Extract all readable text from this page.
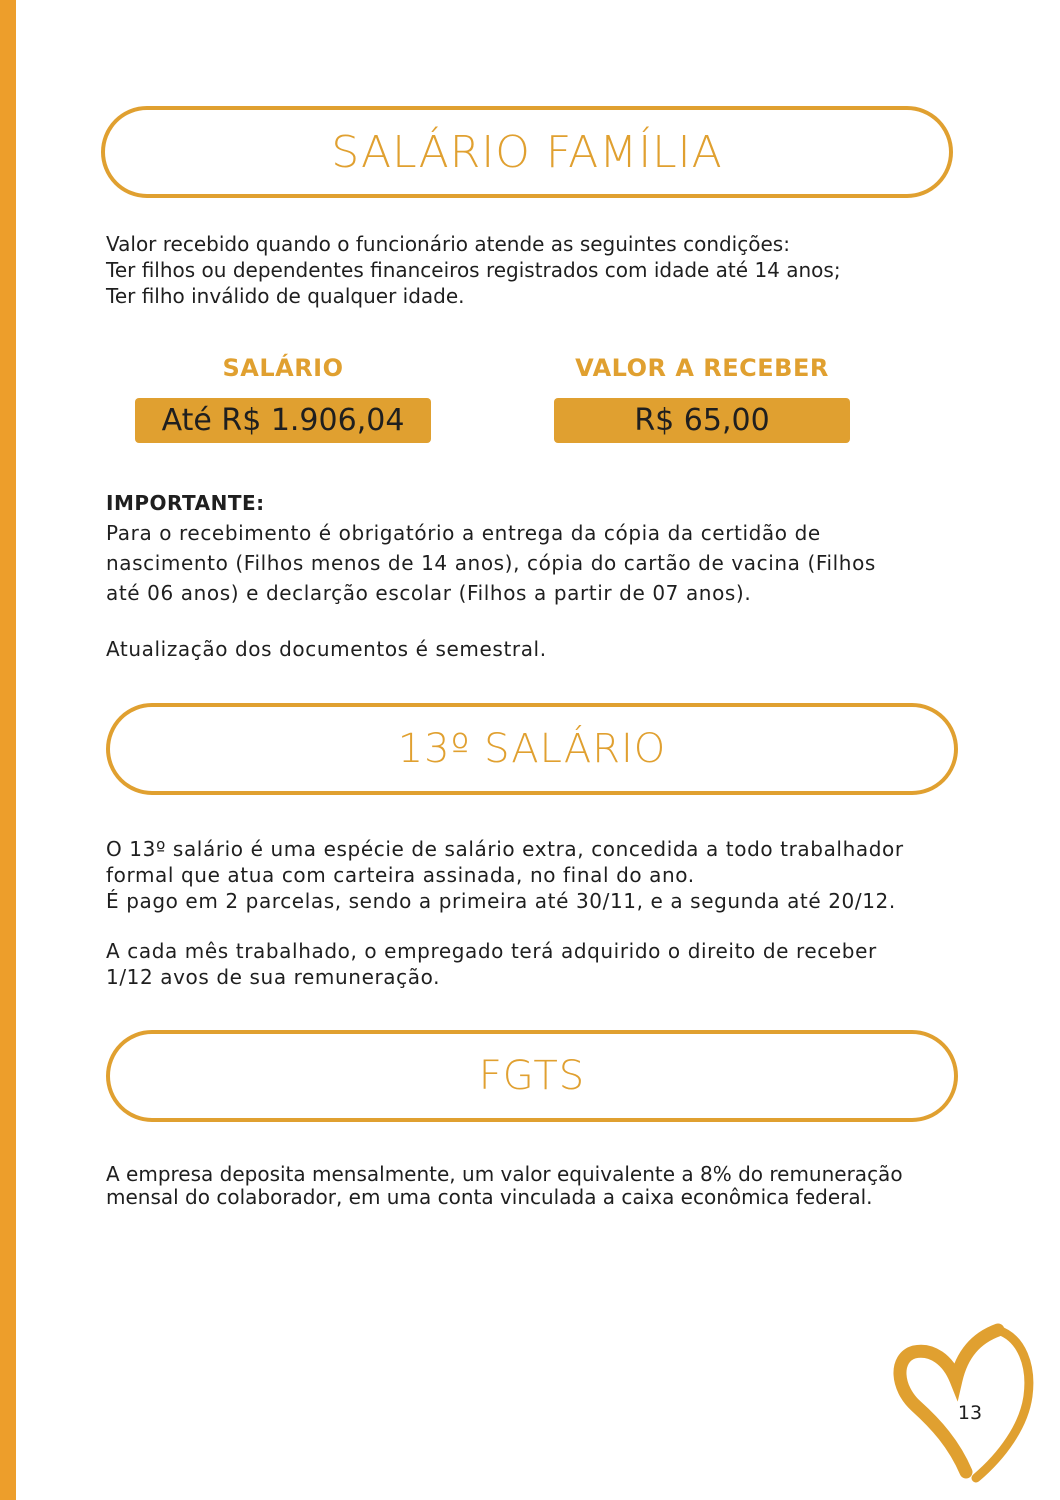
SALÁRIO FAMÍLIA

Valor recebido quando o funcionário atende as seguintes condições:

Ter filhos ou dependentes financeiros registrados com idade até 14 anos;

Ter filho inválido de qualquer idade.

SALÁRIO
Até R$ 1.906,04
VALOR A RECEBER
R$ 65,00

IMPORTANTE:

Para o recebimento é obrigatório a entrega da cópia da certidão de

nascimento (Filhos menos de 14 anos), cópia do cartão de vacina (Filhos

até 06 anos) e declarção escolar (Filhos a partir de 07 anos).

Atualização dos documentos é semestral.
13º SALÁRIO

O 13º salário é uma espécie de salário extra, concedida a todo trabalhador

formal que atua com carteira assinada, no final do ano.

É pago em 2 parcelas, sendo a primeira até 30/11, e a segunda até 20/12.

A cada mês trabalhado, o empregado terá adquirido o direito de receber

1/12 avos de sua remuneração.

FGTS

A empresa deposita mensalmente, um valor equivalente a 8% do remuneração

mensal do colaborador, em uma conta vinculada a caixa econômica federal.

13
